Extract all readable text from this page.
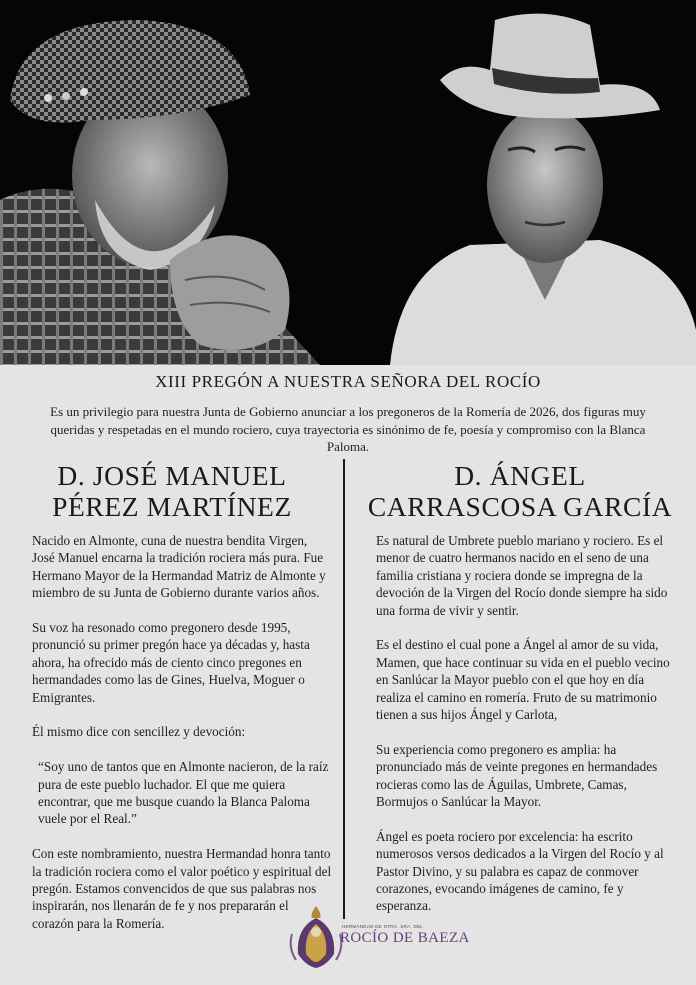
XIII PREGÓN A NUESTRA SEÑORA DEL ROCÍO
Es un privilegio para nuestra Junta de Gobierno anunciar a los pregoneros de la Romería de 2026, dos figuras muy queridas y respetadas en el mundo rociero, cuya trayectoria es sinónimo de fe, poesía y compromiso con la Blanca Paloma.
D. JOSÉ MANUEL
PÉREZ MARTÍNEZ
D. ÁNGEL
CARRASCOSA GARCÍA

Nacido en Almonte, cuna de nuestra bendita Virgen, José Manuel encarna la tradición rociera más pura. Fue Hermano Mayor de la Hermandad Matriz de Almonte y miembro de su Junta de Gobierno durante varios años.

Su voz ha resonado como pregonero desde 1995, pronunció su primer pregón hace ya décadas y, hasta ahora, ha ofrecido más de ciento cinco pregones en hermandades como las de Gines, Huelva, Moguer o Emigrantes.

Él mismo dice con sencillez y devoción:

“Soy uno de tantos que en Almonte nacieron, de la raíz pura de este pueblo luchador. El que me quiera encontrar, que me busque cuando la Blanca Paloma vuele por el Real.”

Con este nombramiento, nuestra Hermandad honra tanto la tradición rociera como el valor poético y espiritual del pregón. Estamos convencidos de que sus palabras nos inspirarán, nos llenarán de fe y nos prepararán el corazón para la Romería.

Es natural de Umbrete pueblo mariano y rociero. Es el menor de cuatro hermanos nacido en el seno de una familia cristiana y rociera donde se impregna de la devoción de la Virgen del Rocío donde siempre ha sido una forma de vivir y sentir.

Es el destino el cual pone a Ángel al amor de su vida, Mamen, que hace continuar su vida en el pueblo vecino en Sanlúcar la Mayor pueblo con el que hoy en día realiza el camino en romería. Fruto de su matrimonio tienen a sus hijos Ángel y Carlota,

Su experiencia como pregonero es amplia: ha pronunciado más de veinte pregones en hermandades rocieras como las de Águilas, Umbrete, Camas, Bormujos o Sanlúcar la Mayor.

Ángel es poeta rociero por excelencia: ha escrito numerosos versos dedicados a la Virgen del Rocío y al Pastor Divino, y su palabra es capaz de conmover corazones, evocando imágenes de camino, fe y esperanza.

HERMANDAD DE NTRA. SRA. DEL
ROCÍO DE BAEZA
